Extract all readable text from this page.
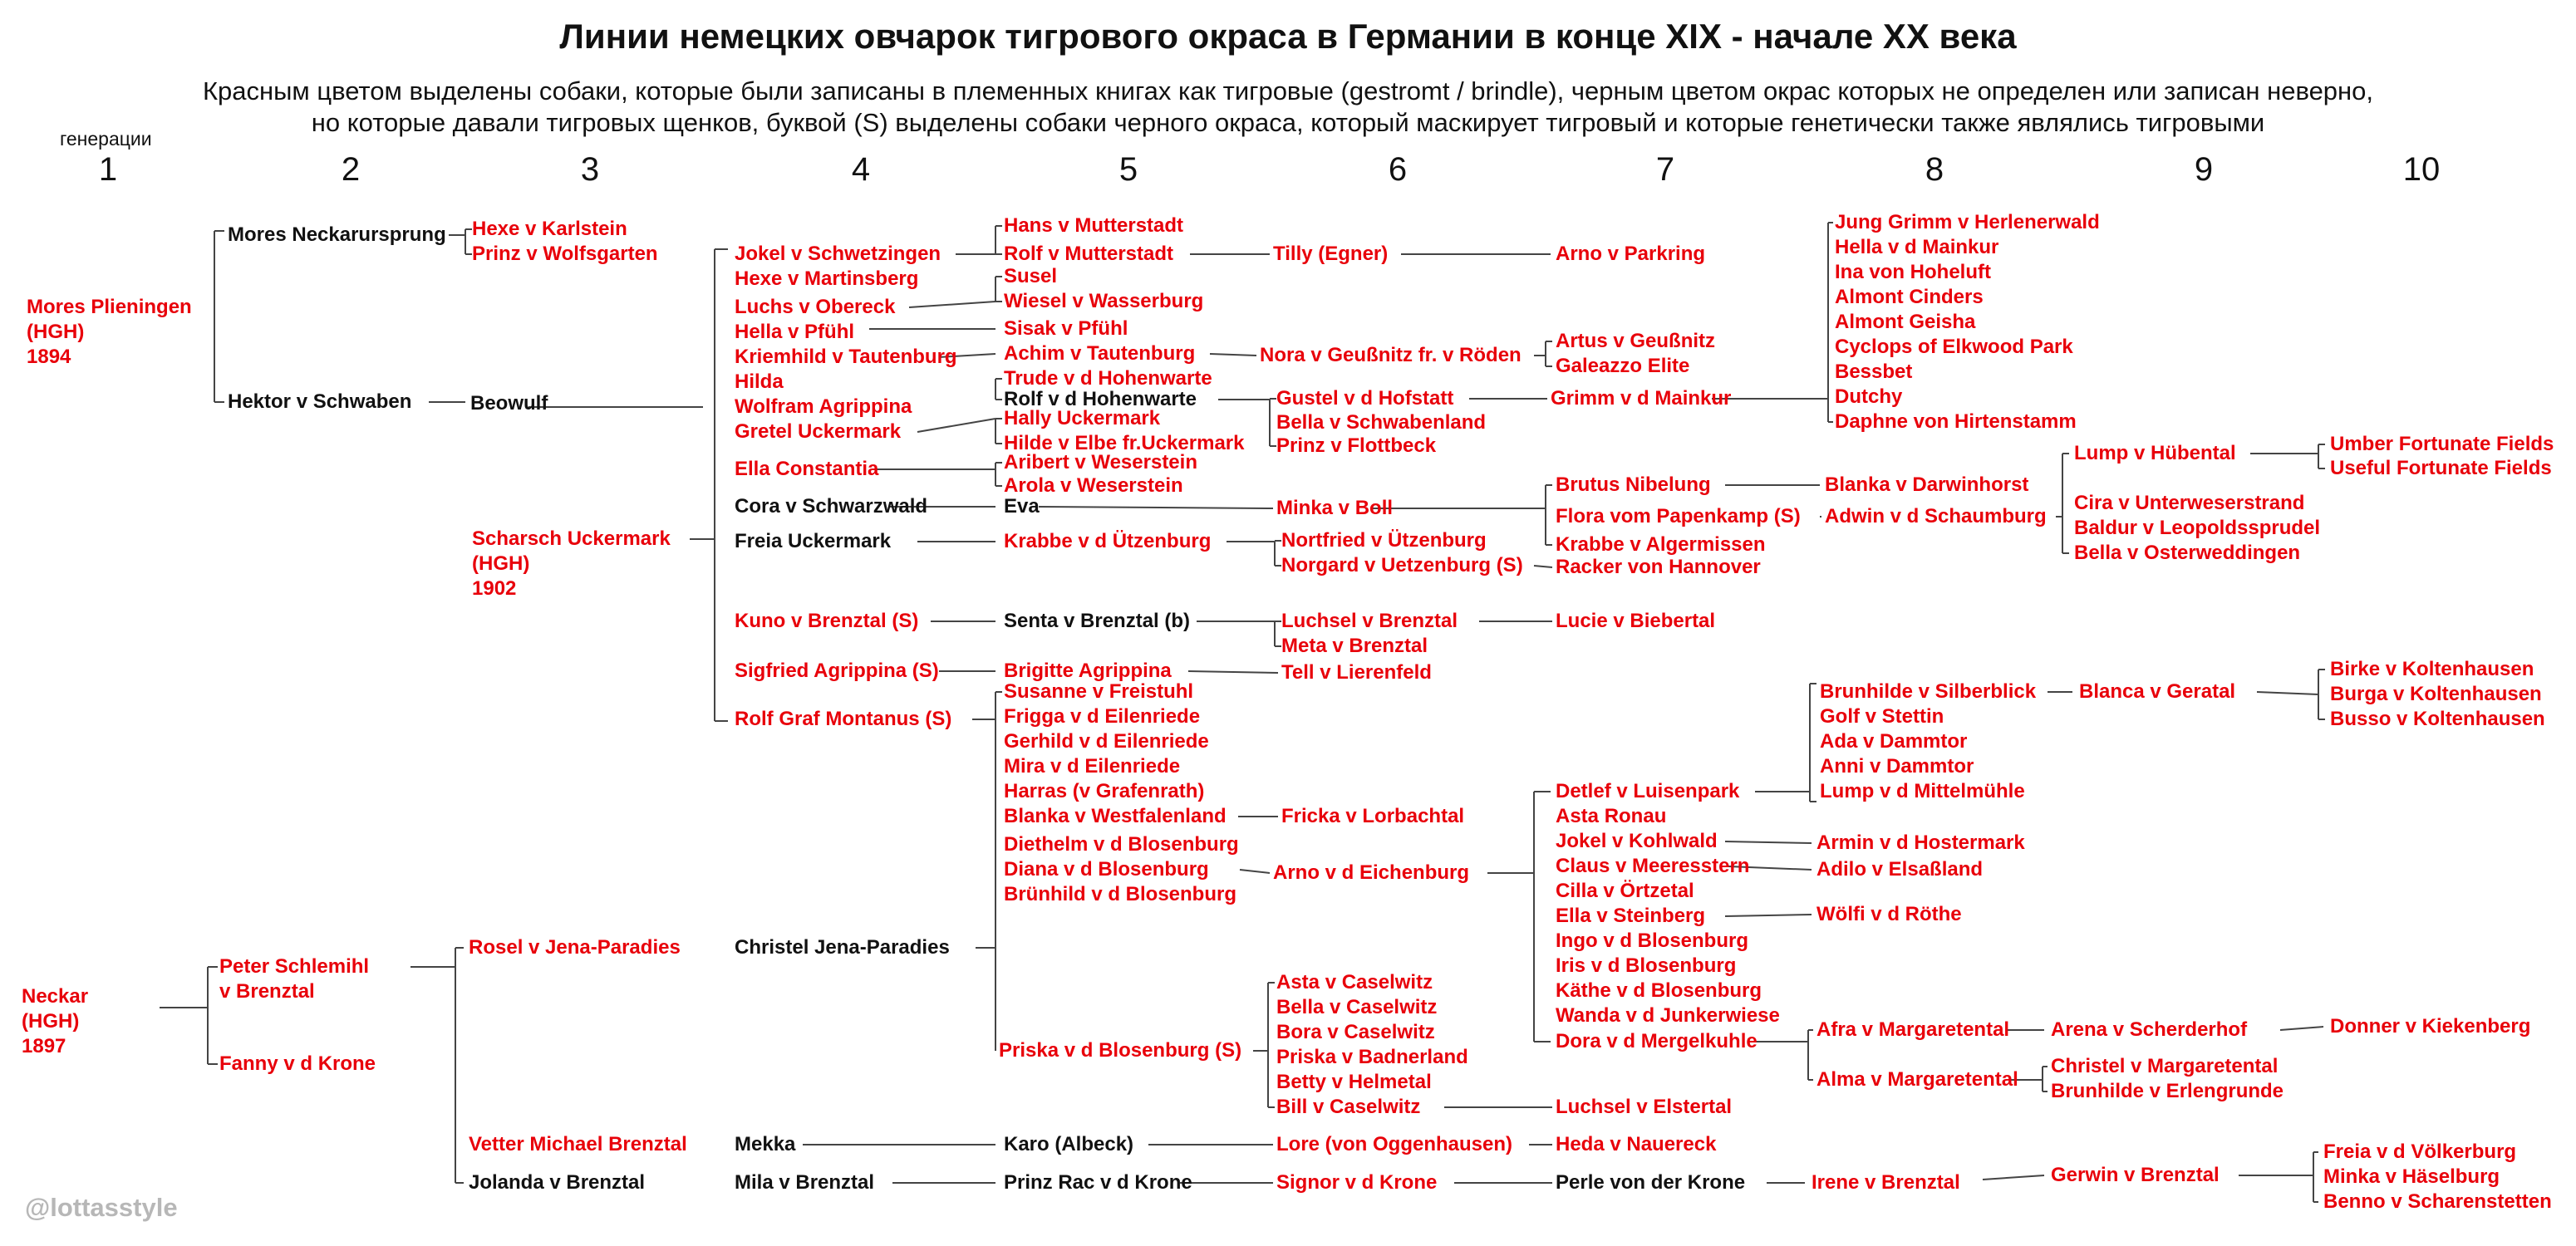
Линии немецких овчарок тигрового окраса в Германии в конце XIX - начале XX века
Красным цветом выделены собаки, которые были записаны в племенных книгах как тигровые (gestromt / brindle), черным цветом окрас которых не определен или записан неверно,
но которые давали тигровых щенков, буквой (S) выделены собаки черного окраса, который маскирует тигровый и которые генетически также являлись тигровыми
генерации
1	2	3	4	5	6	7	8	9	10
Mores Plieningen
(HGH)
1894
Neckar
(HGH)
1897
Mores Neckarursprung
Hektor v Schwaben
Peter Schlemihl
v Brenztal
Fanny v d Krone
Hexe v Karlstein
Prinz v Wolfsgarten
Beowulf
Scharsch Uckermark
(HGH)
1902
Rosel v Jena-Paradies
Vetter Michael Brenztal
Jolanda v Brenztal
Jokel v Schwetzingen
Hexe v Martinsberg
Luchs v Obereck
Hella v Pfühl
Kriemhild v Tautenburg
Hilda
Wolfram Agrippina
Gretel Uckermark
Ella Constantia
Cora v Schwarzwald
Freia Uckermark
Kuno v Brenztal (S)
Sigfried Agrippina (S)
Rolf Graf Montanus (S)
Christel Jena-Paradies
Mekka
Mila v Brenztal
Hans v Mutterstadt
Rolf v Mutterstadt
Susel
Wiesel v Wasserburg
Sisak v Pfühl
Achim v Tautenburg
Trude v d Hohenwarte
Rolf v d Hohenwarte
Hally Uckermark
Hilde v Elbe fr.Uckermark
Aribert v Weserstein
Arola v Weserstein
Eva
Krabbe v d Ützenburg
Senta v Brenztal (b)
Brigitte Agrippina
Susanne v Freistuhl
Frigga v d Eilenriede
Gerhild v d Eilenriede
Mira v d Eilenriede
Harras (v Grafenrath)
Blanka v Westfalenland
Diethelm v d Blosenburg
Diana v d Blosenburg
Brünhild v d Blosenburg
Priska v d Blosenburg (S)
Karo (Albeck)
Prinz Rac v d Krone
Tilly (Egner)
Nora v Geußnitz fr. v Röden
Gustel v d Hofstatt
Bella v Schwabenland
Prinz v Flottbeck
Minka v Boll
Nortfried v Ützenburg
Norgard v Uetzenburg (S)
Luchsel v Brenztal
Meta v Brenztal
Tell v Lierenfeld
Fricka v Lorbachtal
Arno v d Eichenburg
Asta v Caselwitz
Bella v Caselwitz
Bora v Caselwitz
Priska v Badnerland
Betty v Helmetal
Bill v Caselwitz
Lore (von Oggenhausen)
Signor v d Krone
Arno v Parkring
Artus v Geußnitz
Galeazzo Elite
Grimm v d Mainkur
Brutus Nibelung
Flora vom Papenkamp (S)
Krabbe v Algermissen
Racker von Hannover
Lucie v Biebertal
Detlef v Luisenpark
Asta Ronau
Jokel v Kohlwald
Claus v Meeresstern
Cilla v Örtzetal
Ella v Steinberg
Ingo v d Blosenburg
Iris v d Blosenburg
Käthe v d Blosenburg
Wanda v d Junkerwiese
Dora v d Mergelkuhle
Luchsel v Elstertal
Heda v Nauereck
Perle von der Krone
Jung Grimm v Herlenerwald
Hella v d Mainkur
Ina von Hoheluft
Almont Cinders
Almont Geisha
Cyclops of Elkwood Park
Bessbet
Dutchy
Daphne von Hirtenstamm
Blanka v Darwinhorst
Adwin v d Schaumburg
Brunhilde v Silberblick
Golf v Stettin
Ada v Dammtor
Anni v Dammtor
Lump v d Mittelmühle
Armin v d Hostermark
Adilo v Elsaßland
Wölfi v d Röthe
Afra v Margaretental
Alma v Margaretental
Irene v Brenztal
Lump v Hübental
Cira v Unterweserstrand
Baldur v Leopoldssprudel
Bella v Osterweddingen
Blanca v Geratal
Arena v Scherderhof
Christel v Margaretental
Brunhilde v Erlengrunde
Gerwin v Brenztal
Umber Fortunate Fields
Useful Fortunate Fields
Birke v Koltenhausen
Burga v Koltenhausen
Busso v Koltenhausen
Donner v Kiekenberg
Freia v d Völkerburg
Minka v Häselburg
Benno v Scharenstetten
@lottasstyle
